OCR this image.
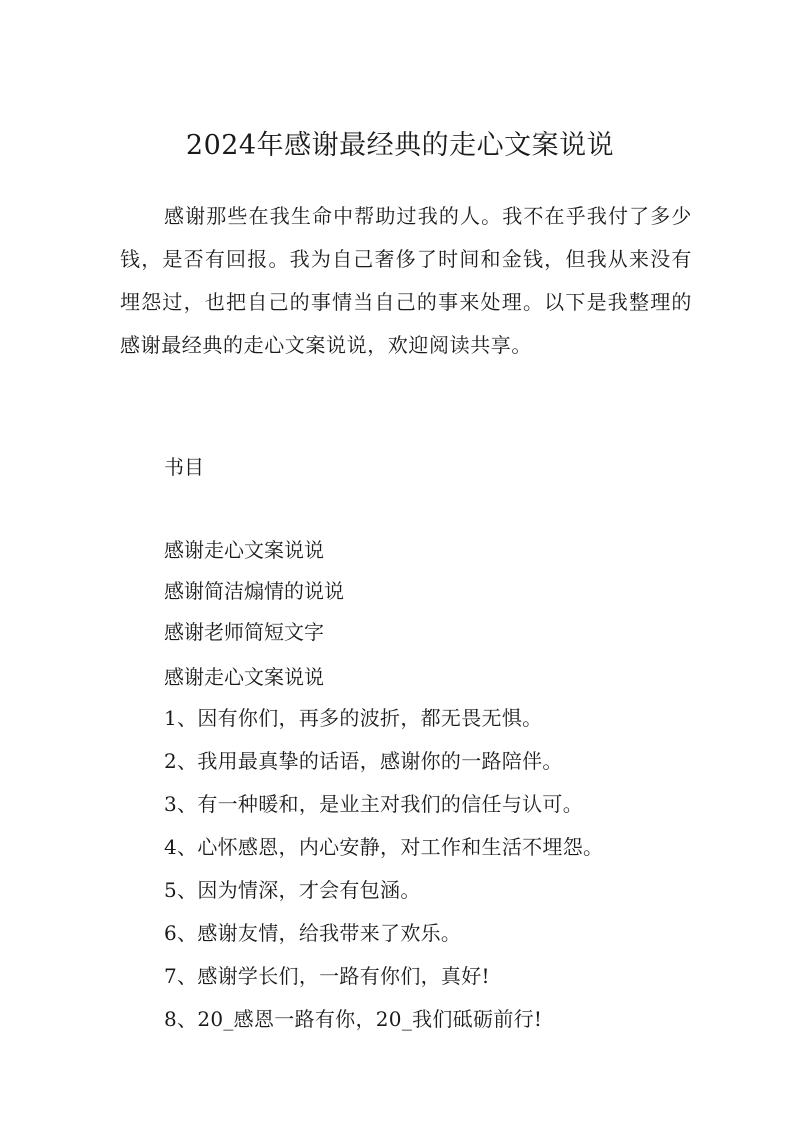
2024年感谢最经典的走心文案说说

感谢那些在我生命中帮助过我的人。我不在乎我付了多少钱，是否有回报。我为自己奢侈了时间和金钱，但我从来没有埋怨过，也把自己的事情当自己的事来处理。以下是我整理的感谢最经典的走心文案说说，欢迎阅读共享。

书目
感谢走心文案说说
感谢简洁煽情的说说
感谢老师简短文字
感谢走心文案说说
1、因有你们，再多的波折，都无畏无惧。
2、我用最真挚的话语，感谢你的一路陪伴。
3、有一种暖和，是业主对我们的信任与认可。
4、心怀感恩，内心安静，对工作和生活不埋怨。
5、因为情深，才会有包涵。
6、感谢友情，给我带来了欢乐。
7、感谢学长们，一路有你们，真好!
8、20_感恩一路有你，20_我们砥砺前行!
